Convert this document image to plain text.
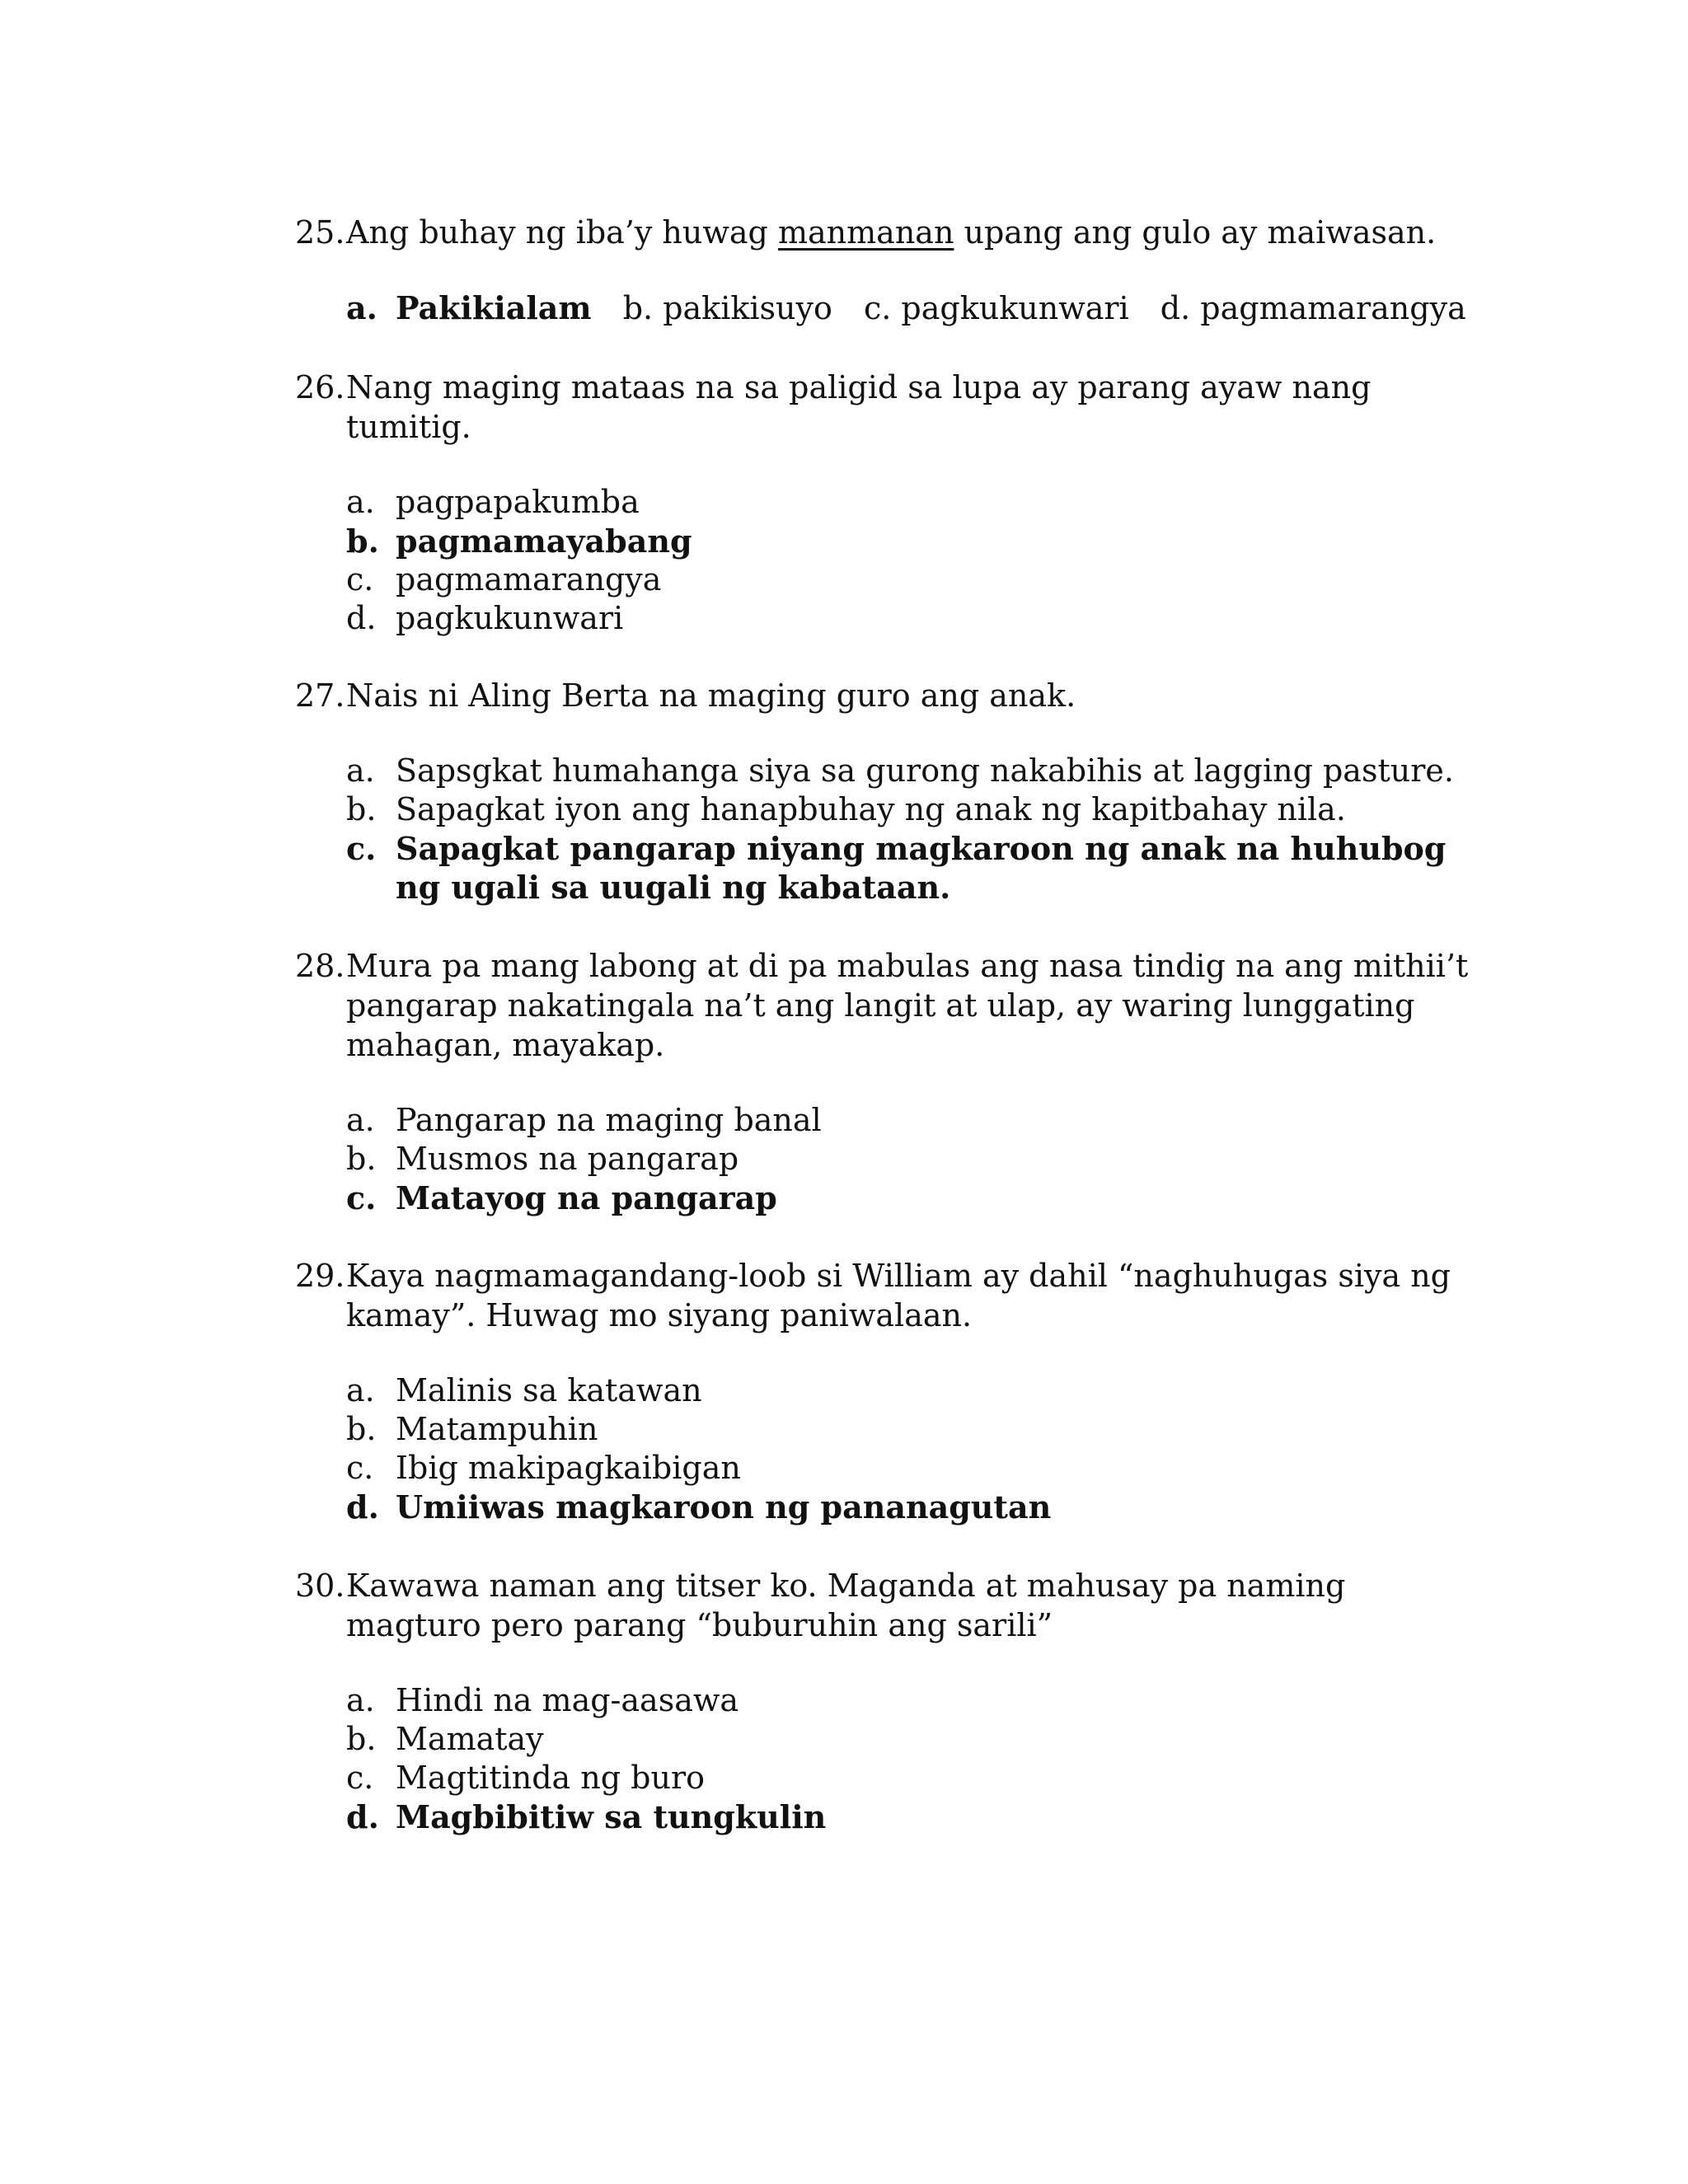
25. Ang buhay ng iba’y huwag manmanan upang ang gulo ay maiwasan.

a. Pakikialam b. pakikisuyo c. pagkukunwari d. pagmamarangya

26. Nang maging mataas na sa paligid sa lupa ay parang ayaw nang tumitig.

a. pagpapakumba
b. pagmamayabang
c. pagmamarangya
d. pagkukunwari

27. Nais ni Aling Berta na maging guro ang anak.

a. Sapsgkat humahanga siya sa gurong nakabihis at lagging pasture.
b. Sapagkat iyon ang hanapbuhay ng anak ng kapitbahay nila.
c. Sapagkat pangarap niyang magkaroon ng anak na huhubog ng ugali sa uugali ng kabataan.

28. Mura pa mang labong at di pa mabulas ang nasa tindig na ang mithii’t pangarap nakatingala na’t ang langit at ulap, ay waring lunggating mahagan, mayakap.

a. Pangarap na maging banal
b. Musmos na pangarap
c. Matayog na pangarap

29. Kaya nagmamagandang-loob si William ay dahil “naghuhugas siya ng kamay”. Huwag mo siyang paniwalaan.

a. Malinis sa katawan
b. Matampuhin
c. Ibig makipagkaibigan
d. Umiiwas magkaroon ng pananagutan

30. Kawawa naman ang titser ko. Maganda at mahusay pa naming magturo pero parang “buburuhin ang sarili”

a. Hindi na mag-aasawa
b. Mamatay
c. Magtitinda ng buro
d. Magbibitiw sa tungkulin
